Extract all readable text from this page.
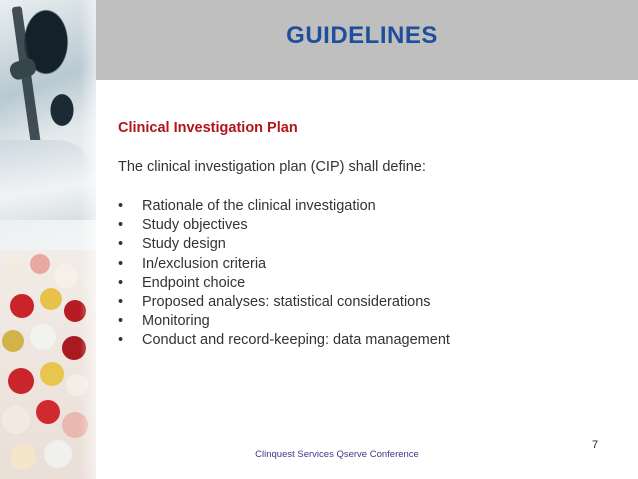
GUIDELINES

Clinical Investigation Plan

The clinical investigation plan (CIP) shall define:

• Rationale of the clinical investigation
• Study objectives
• Study design
• In/exclusion criteria
• Endpoint choice
• Proposed analyses: statistical considerations
• Monitoring
• Conduct and record-keeping: data management
7
Clinquest Services Qserve Conference
